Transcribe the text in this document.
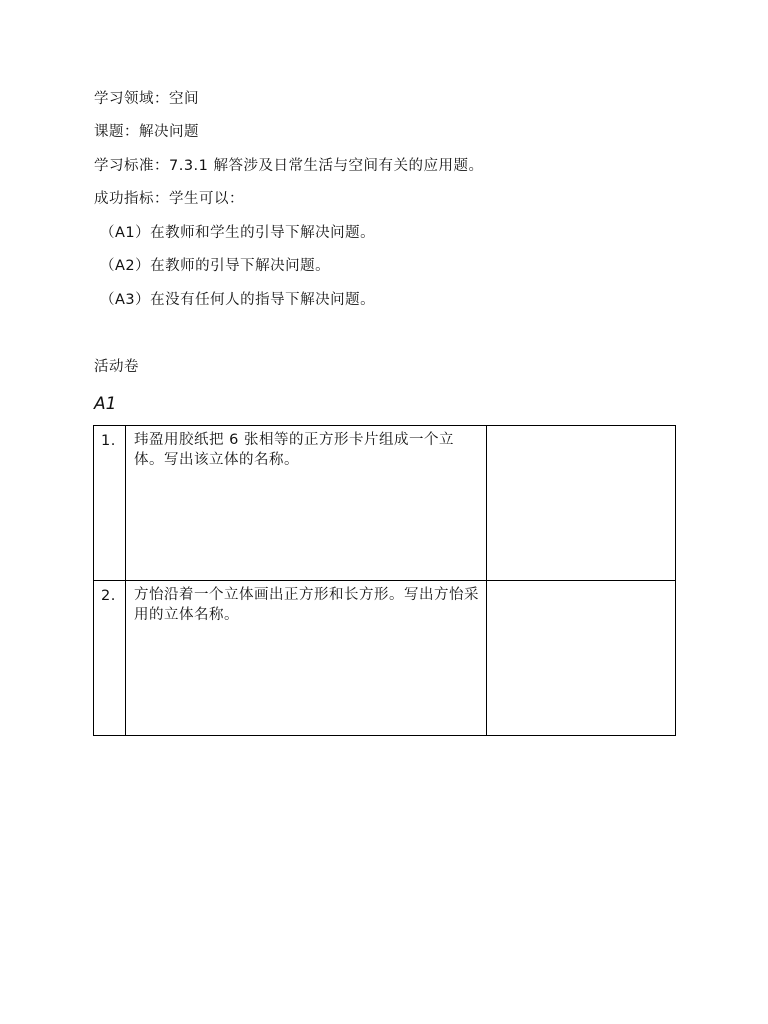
学习领域：空间
课题：解决问题
学习标准：7.3.1 解答涉及日常生活与空间有关的应用题。
成功指标：学生可以：
（A1）在教师和学生的引导下解决问题。
（A2）在教师的引导下解决问题。
（A3）在没有任何人的指导下解决问题。
活动卷
A1
1.	玮盈用胶纸把 6 张相等的正方形卡片组成一个立体。写出该立体的名称。	

2.	方怡沿着一个立体画出正方形和长方形。写出方怡采用的立体名称。	
